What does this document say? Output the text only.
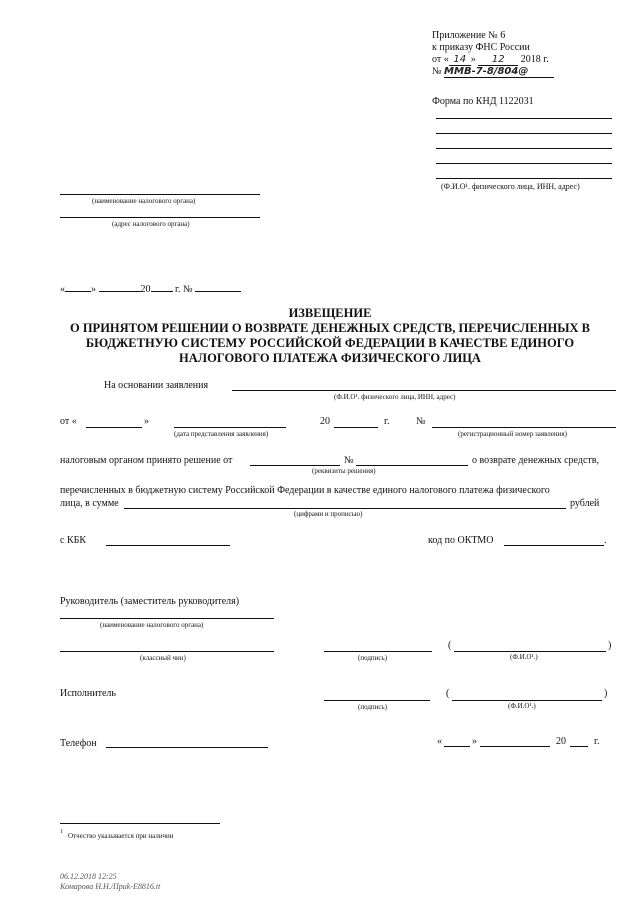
Приложение № 6
к приказу ФНС России
от « 14 » 12 2018 г.
№ ММВ-7-8/804@
Форма по КНД 1122031
(Ф.И.О¹. физического лица, ИНН, адрес)
(наименование налогового органа)
(адрес налогового органа)
«	»	20 г. №
ИЗВЕЩЕНИЕ
О ПРИНЯТОМ РЕШЕНИИ О ВОЗВРАТЕ ДЕНЕЖНЫХ СРЕДСТВ, ПЕРЕЧИСЛЕННЫХ В
БЮДЖЕТНУЮ СИСТЕМУ РОССИЙСКОЙ ФЕДЕРАЦИИ В КАЧЕСТВЕ ЕДИНОГО
НАЛОГОВОГО ПЛАТЕЖА ФИЗИЧЕСКОГО ЛИЦА
На основании заявления
(Ф.И.О¹. физического лица, ИНН, адрес)
от «	»
(дата представления заявления)
20	г.	№
(регистрационный номер заявления)
налоговым органом принято решение от	№	о возврате денежных средств,
(реквизиты решения)
перечисленных в бюджетную систему Российской Федерации в качестве единого налогового платежа физического
лица, в сумме	рублей
(цифрами и прописью)
с КБК	код по ОКТМО	.
Руководитель (заместитель руководителя)
(наименование налогового органа)
(классный чин)	(подпись)
(	)
(Ф.И.О¹.)
Исполнитель
(подпись)
(	)
(Ф.И.О¹.)
Телефон	«	»	20	г.
1 Отчество указывается при наличии
06.12.2018 12:25
Комарова Н.Н./Приk-E8816.tt
